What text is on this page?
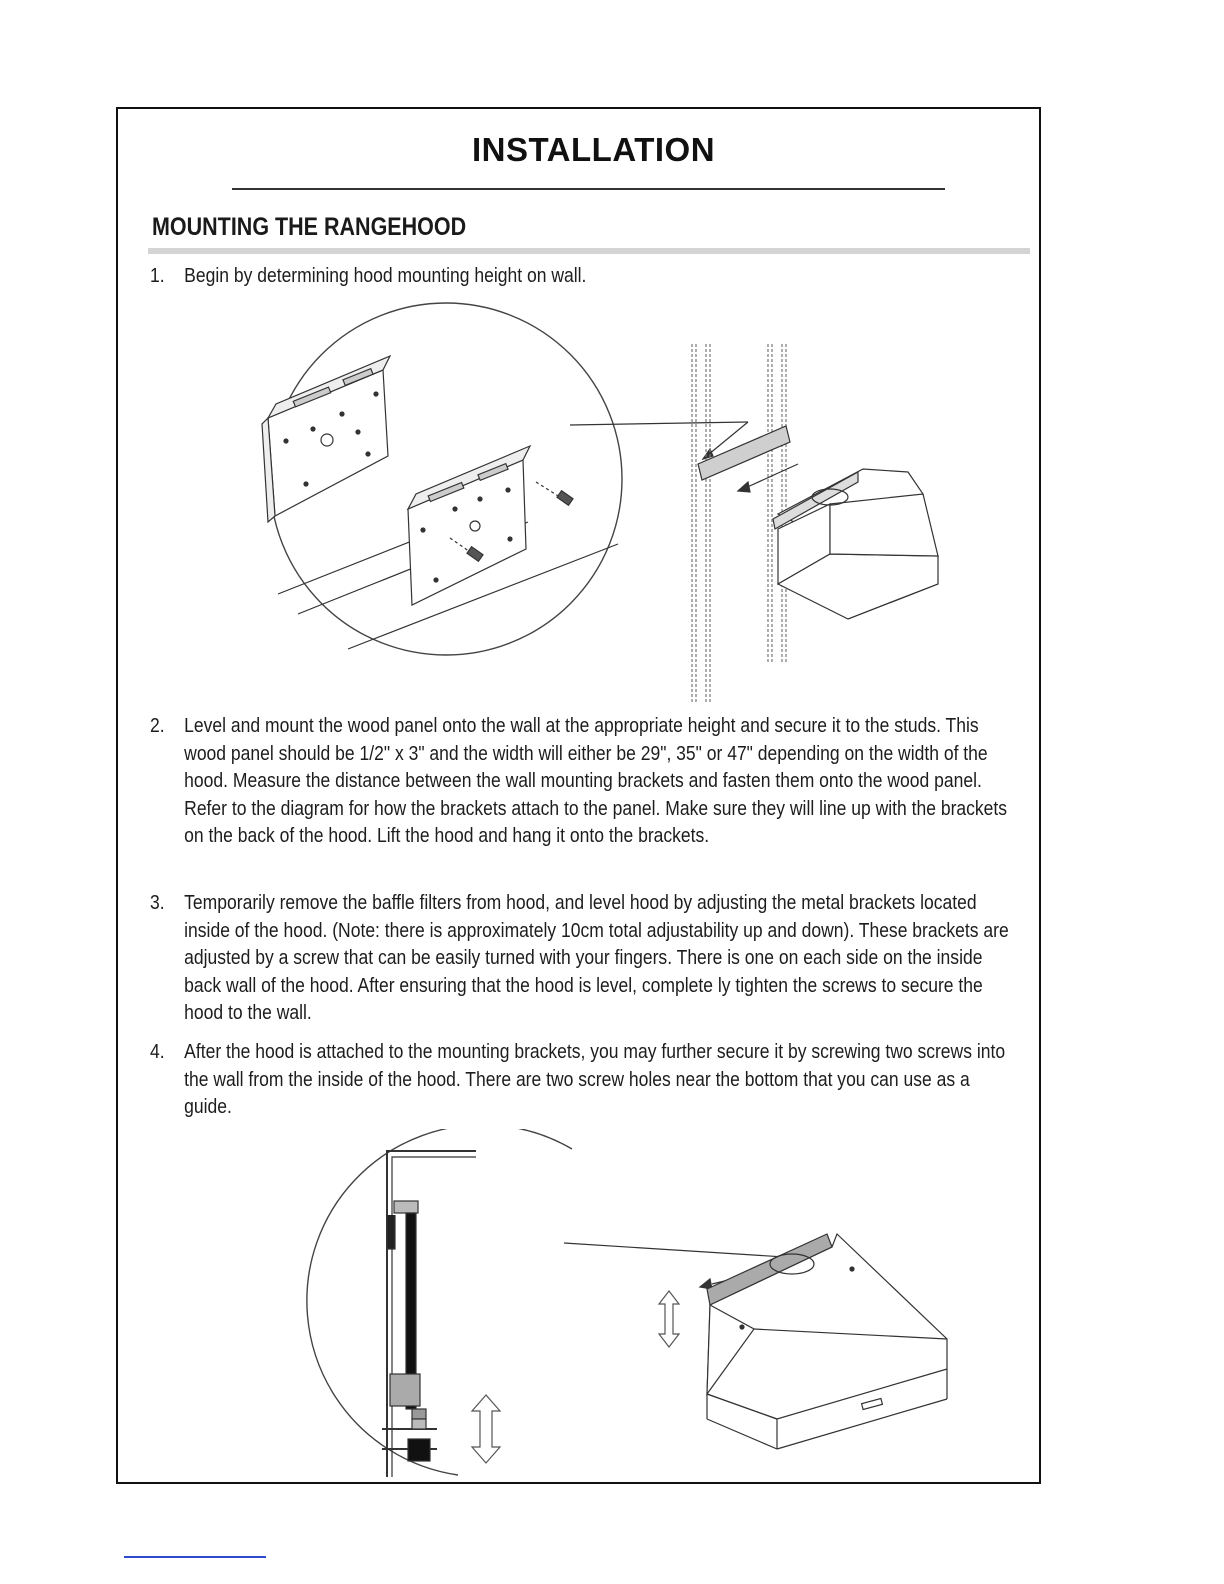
INSTALLATION
MOUNTING THE RANGEHOOD
1. Begin by determining hood mounting height on wall.
2. Level and mount the wood panel onto the wall at the appropriate height and secure it to the studs. This wood panel should be 1/2" x 3" and the width will either be 29", 35" or 47" depending on the width of the hood. Measure the distance between the wall mounting brackets and fasten them onto the wood panel. Refer to the diagram for how the brackets attach to the panel. Make sure they will line up with the brackets on the back of the hood. Lift the hood and hang it onto the brackets.
3. Temporarily remove the baffle filters from hood, and level hood by adjusting the metal brackets located inside of the hood. (Note: there is approximately 10cm total adjustability up and down). These brackets are adjusted by a screw that can be easily turned with your fingers. There is one on each side on the inside back wall of the hood. After ensuring that the hood is level, complete ly tighten the screws to secure the hood to the wall.
4. After the hood is attached to the mounting brackets, you may further secure it by screwing two screws into the wall from the inside of the hood. There are two screw holes near the bottom that you can use as a guide.
